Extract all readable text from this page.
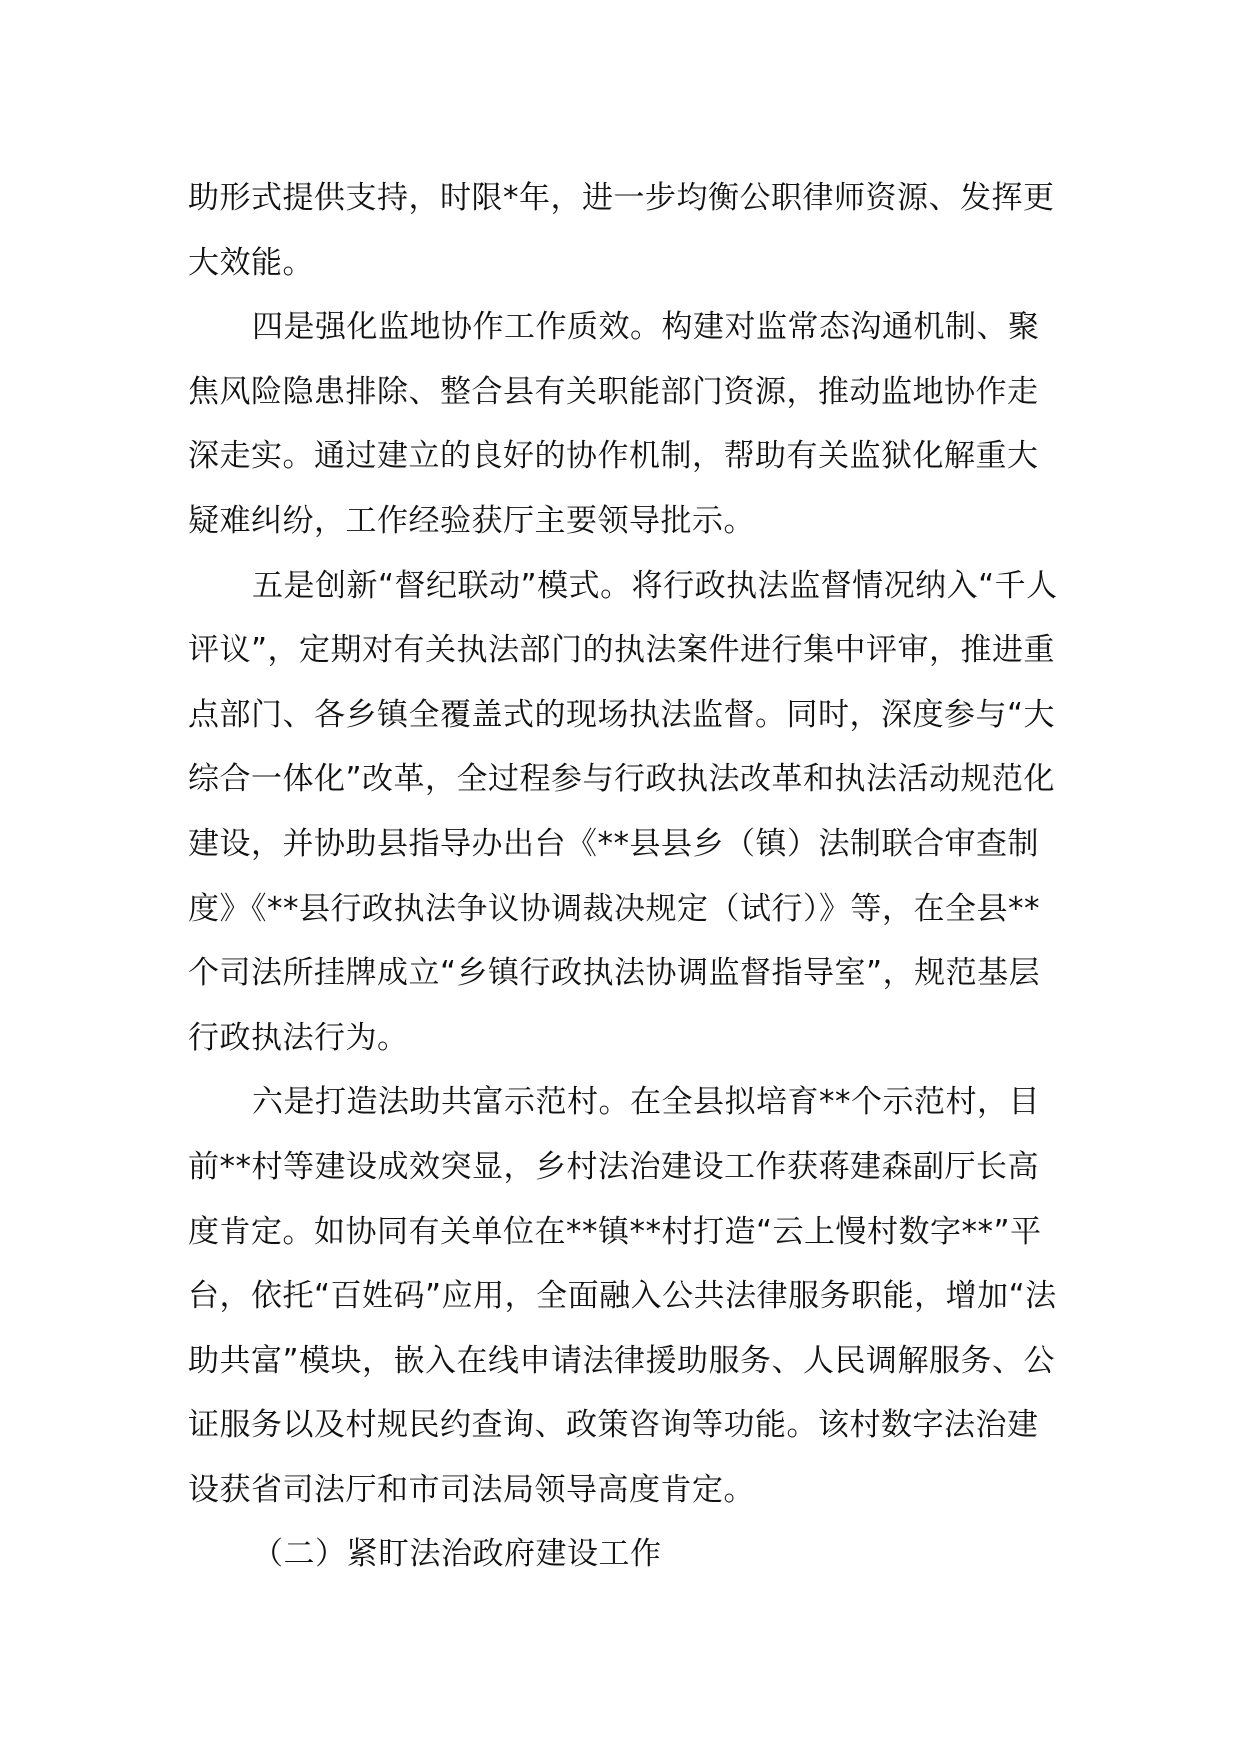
助形式提供支持，时限*年，进一步均衡公职律师资源、发挥更大效能。

四是强化监地协作工作质效。构建对监常态沟通机制、聚焦风险隐患排除、整合县有关职能部门资源，推动监地协作走深走实。通过建立的良好的协作机制，帮助有关监狱化解重大疑难纠纷，工作经验获厅主要领导批示。

五是创新“督纪联动”模式。将行政执法监督情况纳入“千人评议”，定期对有关执法部门的执法案件进行集中评审，推进重点部门、各乡镇全覆盖式的现场执法监督。同时，深度参与“大综合一体化”改革，全过程参与行政执法改革和执法活动规范化建设，并协助县指导办出台《**县县乡（镇）法制联合审查制度》《**县行政执法争议协调裁决规定（试行）》等，在全县**个司法所挂牌成立“乡镇行政执法协调监督指导室”，规范基层行政执法行为。

六是打造法助共富示范村。在全县拟培育**个示范村，目前**村等建设成效突显，乡村法治建设工作获蒋建森副厅长高度肯定。如协同有关单位在**镇**村打造“云上慢村数字**”平台，依托“百姓码”应用，全面融入公共法律服务职能，增加“法助共富”模块，嵌入在线申请法律援助服务、人民调解服务、公证服务以及村规民约查询、政策咨询等功能。该村数字法治建设获省司法厅和市司法局领导高度肯定。

（二）紧盯法治政府建设工作
